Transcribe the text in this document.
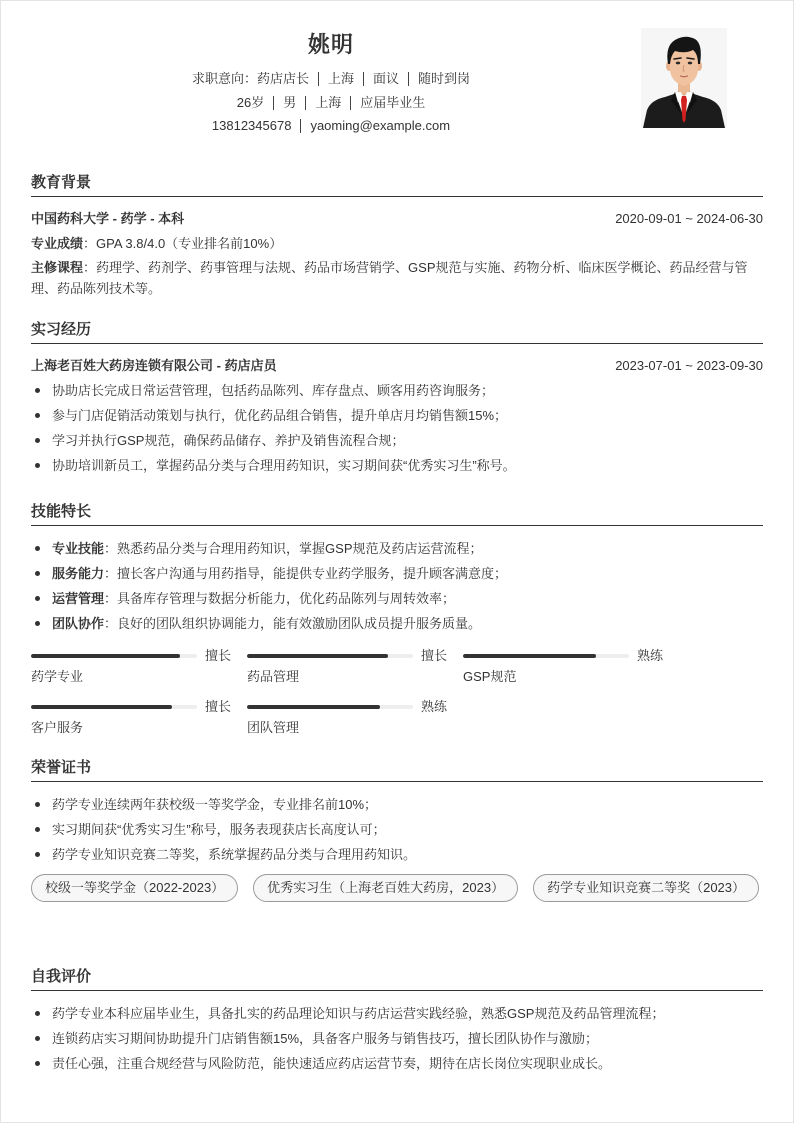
姚明
求职意向：药店店长 上海 面议 随时到岗
26岁 男 上海 应届毕业生
13812345678 yaoming@example.com
教育背景
中国药科大学 - 药学 - 本科	2020-09-01 ~ 2024-06-30
专业成绩：GPA 3.8/4.0（专业排名前10%）
主修课程：药理学、药剂学、药事管理与法规、药品市场营销学、GSP规范与实施、药物分析、临床医学概论、药品经营与管理、药品陈列技术等。
实习经历
上海老百姓大药房连锁有限公司 - 药店店员	2023-07-01 ~ 2023-09-30
协助店长完成日常运营管理，包括药品陈列、库存盘点、顾客用药咨询服务；
参与门店促销活动策划与执行，优化药品组合销售，提升单店月均销售额15%；
学习并执行GSP规范，确保药品储存、养护及销售流程合规；
协助培训新员工，掌握药品分类与合理用药知识，实习期间获“优秀实习生”称号。
技能特长
专业技能：熟悉药品分类与合理用药知识，掌握GSP规范及药店运营流程；
服务能力：擅长客户沟通与用药指导，能提供专业药学服务，提升顾客满意度；
运营管理：具备库存管理与数据分析能力，优化药品陈列与周转效率；
团队协作：良好的团队组织协调能力，能有效激励团队成员提升服务质量。
擅长
药学专业
擅长
药品管理
熟练
GSP规范
擅长
客户服务
熟练
团队管理
荣誉证书
药学专业连续两年获校级一等奖学金，专业排名前10%；
实习期间获“优秀实习生”称号，服务表现获店长高度认可；
药学专业知识竞赛二等奖，系统掌握药品分类与合理用药知识。
校级一等奖学金（2022-2023）	优秀实习生（上海老百姓大药房，2023）	药学专业知识竞赛二等奖（2023）
自我评价
药学专业本科应届毕业生，具备扎实的药品理论知识与药店运营实践经验，熟悉GSP规范及药品管理流程；
连锁药店实习期间协助提升门店销售额15%，具备客户服务与销售技巧，擅长团队协作与激励；
责任心强，注重合规经营与风险防范，能快速适应药店运营节奏，期待在店长岗位实现职业成长。
